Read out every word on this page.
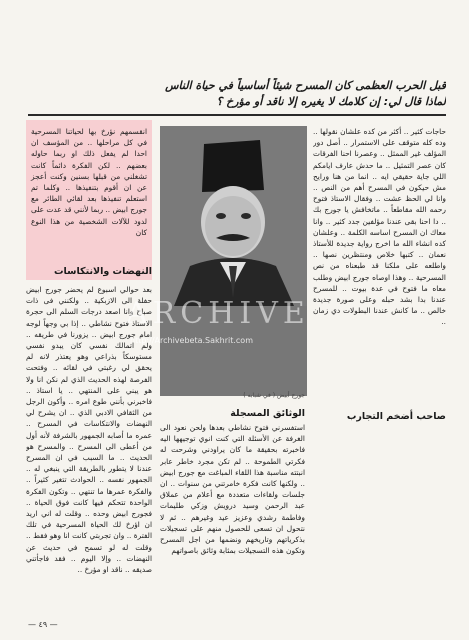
قبل الحرب العظمى كان المسرح شيئاً أساسياً في حياة الناس
لماذا قال لي: إن كلامك لا يغيره إلا ناقد أو مؤرخ ؟

حاجات كثير .. أكثر من كده علشان نقولها .. وده كله متوقف على الاستمرار .. أصل دور المؤلف غير الممثل .. وعصرنا احنا الفرقات كان عصر التمثيل .. ما حدش عارف ايامكم اللي جاية حقيقي ايه .. انما من هنا ورايح مش حيكون في المسرح أهم من النص .. وانا لي الحظ عشت .. وفقال الاستاذ فتوح رحمه الله مقاطعاً .. ماتخافش يا جورج بك .. دا احنا بقى عندنا مؤلفين جدد كثير .. وانا معاك ان المسرح اساسه الكلمة .. وعلشان كده انشاء الله ما اخرج رواية جديدة للأستاذ نعمان .. كتبها خلاص ومنتظرين نصها .. واطلعه على ملكنا قد طبعناه من نص المسرحية .. وهذا اوصاه جورج ابيض وطلب معاه ما فتوح في عدة بيوت .. للمسرح عندنا بدا بشد حبله وعلى صورة جديدة خالص .. ما كانش عندنا البطولات دي زمان ..

صاحب أضخم التجارب

انقسمهم نؤرخ بها لحياتنا المسرحية في كل مراحلها .. من المؤسف ان احدا لم يفعل ذلك او ربما حاوله بعضهم .. لكن الفكرة دائماً كانت تشغلني من قبلها بسنين وكنت أعجز عن ان أقوم بتنفيذها .. وكلما تم استعلم تنفيذها بعد لقائي الطائر مع جورج ابيض .. ربما لأنني قد عدت على لدود للآلات الشخصية من هذا النوع كان

النهضات والانتكاسات

بعد حوالي اسبوع لم يحضر جورج ابيض حفلة الى الازبكية .. ولكنني فى ذات صباح وانا اصعد درجات السلم الى حجرة الاستاذ فتوح نشاطي .. إذا بي وجهاً لوجه امام جورج ابيض .. يزورنا في طريقه .. ولم اتمالك نفسي كان يبدو نفسي مستوسكاً بذراعي وهو يعتذر لانه لم يحقق لي رغبتي في لقائه .. وفتحت الفرصة لهذه الحديث الذي لم نكن انا ولا هو يبني على المنتهي .. يا استاذ .. فاخبرني بأنني طوع امره .. وأكون الرجل من الثقافي الادبي الذي .. ان يشرح لي النهضات والانتكاسات في المسرح .. عمره ما أصابه الجمهور بالشرفة لأنه أول من أعطى الى المسرح .. والمسرح هو الحديث .. ما السبب في ان المسرح عندنا لا يتطور بالطريقة التي ينبغي له .. الجمهور نفسه .. الحوادث تتغير كثيراً .. والفكرة عمرها ما تنتهي .. وتكون الفكرة الواحدة تتحكم فيها كانت فوق الحياة .. فجورج ابيض وحده .. وقلت له اني اريد ان اؤرخ لك الحياة المسرحية في تلك الفترة .. وان تجربتي كانت انا وهو فقط .. وقلت له لو تسمح في حديث عن النهضات .. وإلا اليوم .. فقد فاجأتني صديقه .. ناقد او مؤرخ ..

جورج أبيض ( في شبابه )
الوثائق المسجلة

استفسرني فتوح نشاطي بعدها ولحن نعود الى الغرفة عن الأسئلة التي كنت انوي توجيهها اليه فاخبرته بحقيقة ما كان يراودني وشرحت له فكرتي الطموحة .. لم تكن مجرد خاطر عابر انبتته مناسبة هذا اللقاء المباغت مع جورج ابيض .. ولكنها كانت فكرة خامرتني من سنوات .. ان جلسات ولقاءات متعددة مع أعلام من عملاق عبد الرحمن وسيد درويش وزكي طليمات وفاطمة رشدي وعزيز عيد وغيرهم .. ثم لا نتحول ان تسعى للحصول منهم على تسجيلات بذكرياتهم وتاريخهم ونضمها من اجل المسرح وتكون هذه التسجيلات بمثابة وثائق باصواتهم

ARCHIVE
http://Archivebeta.Sakhrit.com
— ٤٩ —
